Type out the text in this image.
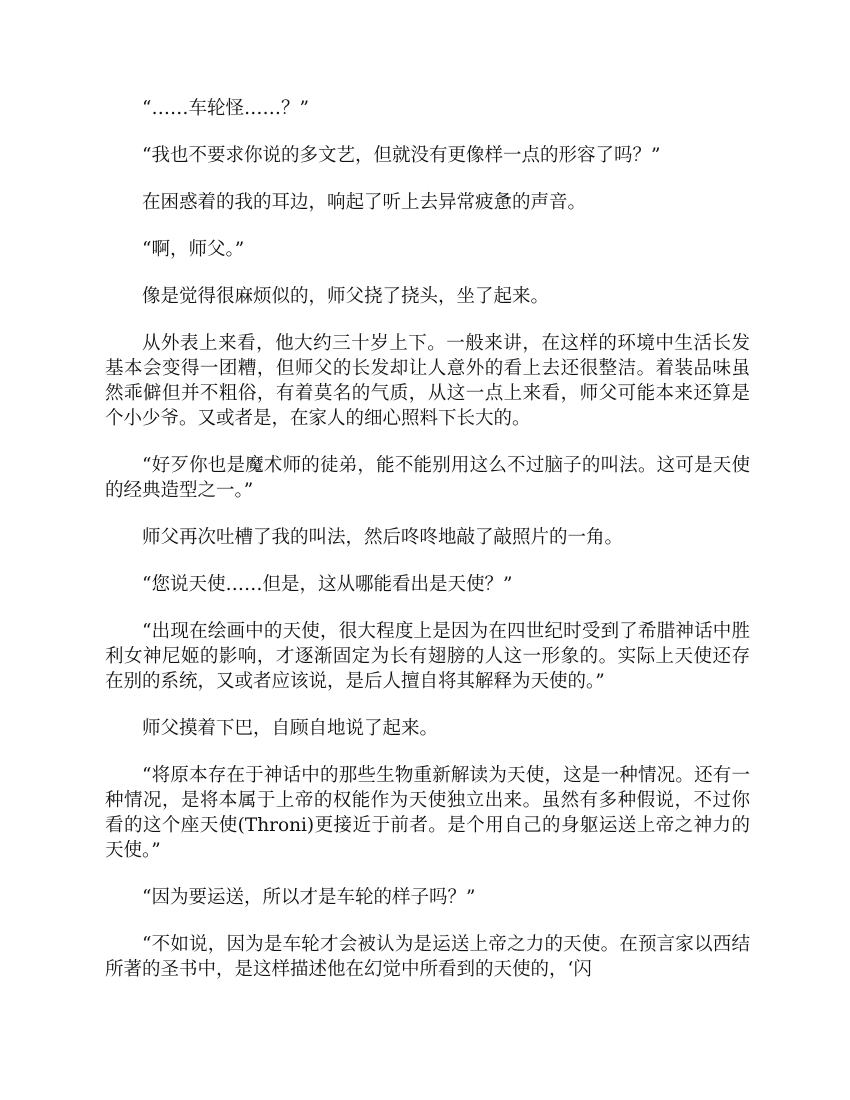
“……车轮怪……？”

“我也不要求你说的多文艺，但就没有更像样一点的形容了吗？”

在困惑着的我的耳边，响起了听上去异常疲惫的声音。

“啊，师父。”

像是觉得很麻烦似的，师父挠了挠头，坐了起来。

从外表上来看，他大约三十岁上下。一般来讲，在这样的环境中生活长发基本会变得一团糟，但师父的长发却让人意外的看上去还很整洁。着装品味虽然乖僻但并不粗俗，有着莫名的气质，从这一点上来看，师父可能本来还算是个小少爷。又或者是，在家人的细心照料下长大的。

“好歹你也是魔术师的徒弟，能不能别用这么不过脑子的叫法。这可是天使的经典造型之一。”

师父再次吐槽了我的叫法，然后咚咚地敲了敲照片的一角。

“您说天使……但是，这从哪能看出是天使？”

“出现在绘画中的天使，很大程度上是因为在四世纪时受到了希腊神话中胜利女神尼姬的影响，才逐渐固定为长有翅膀的人这一形象的。实际上天使还存在别的系统，又或者应该说，是后人擅自将其解释为天使的。”

师父摸着下巴，自顾自地说了起来。

“将原本存在于神话中的那些生物重新解读为天使，这是一种情况。还有一种情况，是将本属于上帝的权能作为天使独立出来。虽然有多种假说，不过你看的这个座天使(Throni)更接近于前者。是个用自己的身躯运送上帝之神力的天使。”

“因为要运送，所以才是车轮的样子吗？”

“不如说，因为是车轮才会被认为是运送上帝之力的天使。在预言家以西结所著的圣书中，是这样描述他在幻觉中所看到的天使的，‘闪
